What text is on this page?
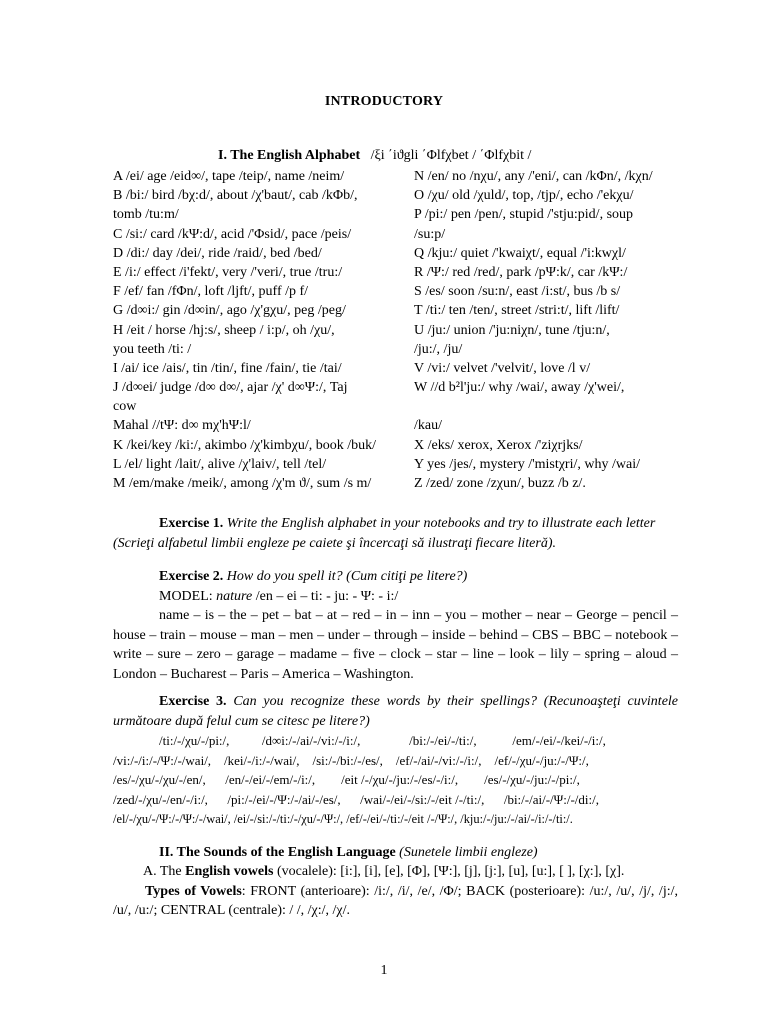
INTRODUCTORY
I. The English Alphabet /ξi ΄iϑgli ΄Φlfχbet / ΄Φlfχbit /
A /ei/ age /eid∞/, tape /teip/, name /neim/
B /bi:/ bird /bχ:d/, about /χ'baut/, cab /kΦb/,
tomb /tu:m/
C /si:/ card /kΨ:d/, acid /'Φsid/, pace /peis/
D /di:/ day /dei/, ride /raid/, bed /bed/
E /i:/ effect /i'fekt/, very /'veri/, true /tru:/
F /ef/ fan /fΦn/, loft /lјft/, puff /p f/
G /d∞i:/ gin /d∞in/, ago /χ'gχu/, peg /peg/
H /eit / horse /hј:s/, sheep / i:p/, oh /χu/,
you teeth /ti: /
I /ai/ ice /ais/, tin /tin/, fine /fain/, tie /tai/
J /d∞ei/ judge /d∞ d∞/, ajar /χ' d∞Ψ:/, Taj
cow
Mahal //tΨ: d∞ mχ'hΨ:l/
K /kei/key /ki:/, akimbo /χ'kimbχu/, book /buk/
L /el/ light /lait/, alive /χ'laiv/, tell /tel/
M /em/make /meik/, among /χ'm ϑ/, sum /s m/
N /en/ no /nχu/, any /'eni/, can /kΦn/, /kχn/
O /χu/ old /χuld/, top, /tјp/, echo /'ekχu/
P /pi:/ pen /pen/, stupid /'stju:pid/, soup
/su:p/
Q /kju:/ quiet /'kwaiχt/, equal /'i:kwχl/
R /Ψ:/ red /red/, park /pΨ:k/, car /kΨ:/
S /es/ soon /su:n/, east /i:st/, bus /b s/
T /ti:/ ten /ten/, street /stri:t/, lift /lift/
U /ju:/ union /'ju:niχn/, tune /tju:n/,
/ju:/, /ju/
V /vi:/ velvet /'velvit/, love /l v/
W //d b²l'ju:/ why /wai/, away /χ'wei/,
/kau/
X /eks/ xerox, Xerox /'ziχrјks/
Y yes /jes/, mystery /'mistχri/, why /wai/
Z /zed/ zone /zχun/, buzz /b z/.
Exercise 1. Write the English alphabet in your notebooks and try to illustrate each letter (Scrieţi alfabetul limbii engleze pe caiete şi încercaţi să ilustraţi fiecare literă).
Exercise 2. How do you spell it? (Cum citiţi pe litere?)
MODEL: nature /en – ei – ti: - ju: - Ψ: - i:/
name – is – the – pet – bat – at – red – in – inn – you – mother – near – George – pencil – house – train – mouse – man – men – under – through – inside – behind – CBS – BBC – notebook – write – sure – zero – garage – madame – five – clock – star – line – look – lily – spring – aloud – London – Bucharest – Paris – America – Washington.
Exercise 3. Can you recognize these words by their spellings? (Recunoaşteţi cuvintele următoare după felul cum se citesc pe litere?)
/ti:/-/χu/-/pi:/,          /d∞i:/-/ai/-/vi:/-/i:/,               /bi:/-/ei/-/ti:/,           /em/-/ei/-/kei/-/i:/,
/vi:/-/i:/-/Ψ:/-/wai/,    /kei/-/i:/-/wai/,    /si:/-/bi:/-/es/,    /ef/-/ai/-/vi:/-/i:/,    /ef/-/χu/-/ju:/-/Ψ:/,
/es/-/χu/-/χu/-/en/,      /en/-/ei/-/em/-/i:/,        /eit /-/χu/-/ju:/-/es/-/i:/,        /es/-/χu/-/ju:/-/pi:/,
/zed/-/χu/-/en/-/i:/,      /pi:/-/ei/-/Ψ:/-/ai/-/es/,      /wai/-/ei/-/si:/-/eit /-/ti:/,      /bi:/-/ai/-/Ψ:/-/di:/,
/el/-/χu/-/Ψ:/-/Ψ:/-/wai/, /ei/-/si:/-/ti:/-/χu/-/Ψ:/, /ef/-/ei/-/ti:/-/eit /-/Ψ:/, /kju:/-/ju:/-/ai/-/i:/-/ti:/.
II. The Sounds of the English Language (Sunetele limbii engleze)
A. The English vowels (vocalele): [i:], [i], [e], [Φ], [Ψ:], [ј], [ј:], [u], [u:], [ ], [χ:], [χ].
Types of Vowels: FRONT (anterioare): /i:/, /i/, /e/, /Φ/; BACK (posterioare): /u:/, /u/, /ј/, /ј:/, /u/, /u:/; CENTRAL (centrale): / /, /χ:/, /χ/.
1
